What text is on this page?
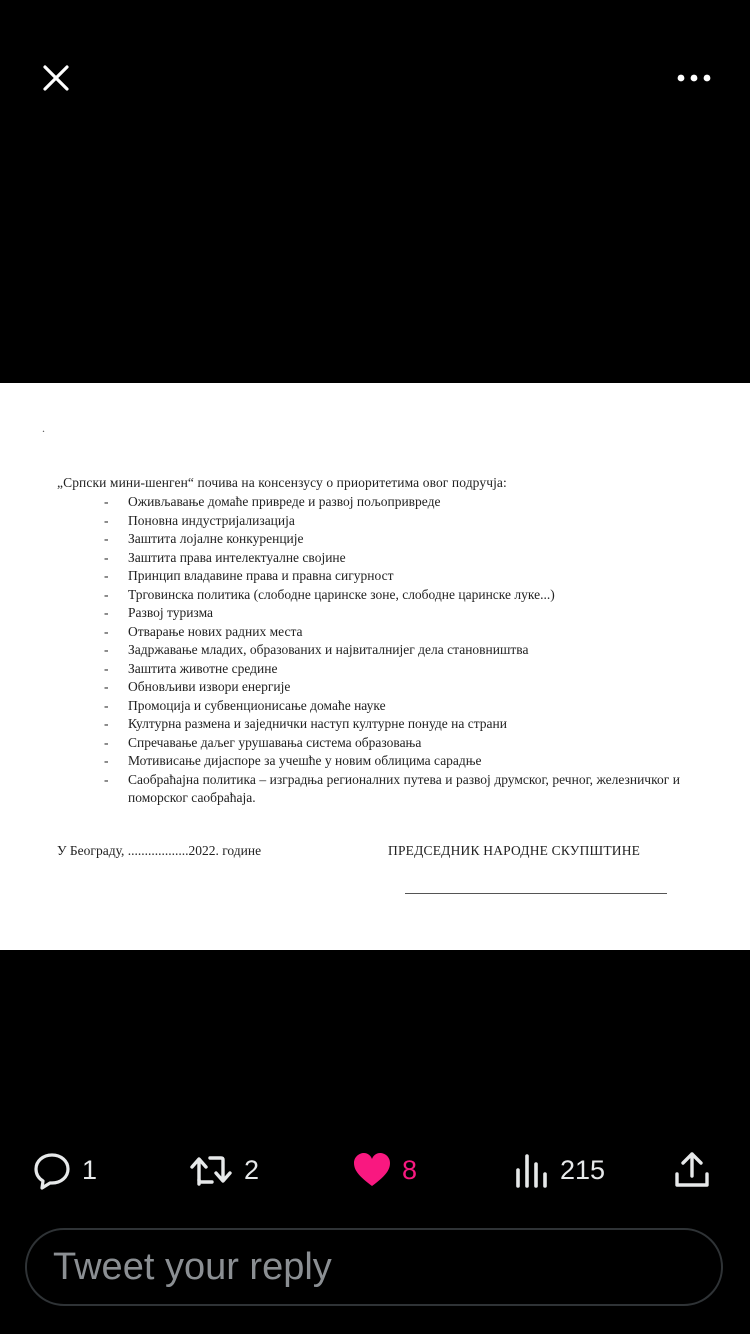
.
„Српски мини-шенген“ почива на консензусу о приоритетима овог подручја:
- Оживљавање домаће привреде и развој пољопривреде
- Поновна индустријализација
- Заштита лојалне конкуренције
- Заштита права интелектуалне својине
- Принцип владавине права и правна сигурност
- Трговинска политика (слободне царинске зоне, слободне царинске луке...)
- Развој туризма
- Отварање нових радних места
- Задржавање младих, образованих и највиталнијег дела становништва
- Заштита животне средине
- Обновљиви извори енергије
- Промоција и субвенционисање домаће науке
- Културна размена и заједнички наступ културне понуде на страни
- Спречавање даљег урушавања система образовања
- Мотивисање дијаспоре за учешће у новим облицима сарадње
- Саобраћајна политика – изградња регионалних путева и развој друмског, речног, железничког и поморског саобраћаја.
У Београду, ..................2022. године	ПРЕДСЕДНИК НАРОДНЕ СКУПШТИНЕ
1	2	8	215
Tweet your reply
